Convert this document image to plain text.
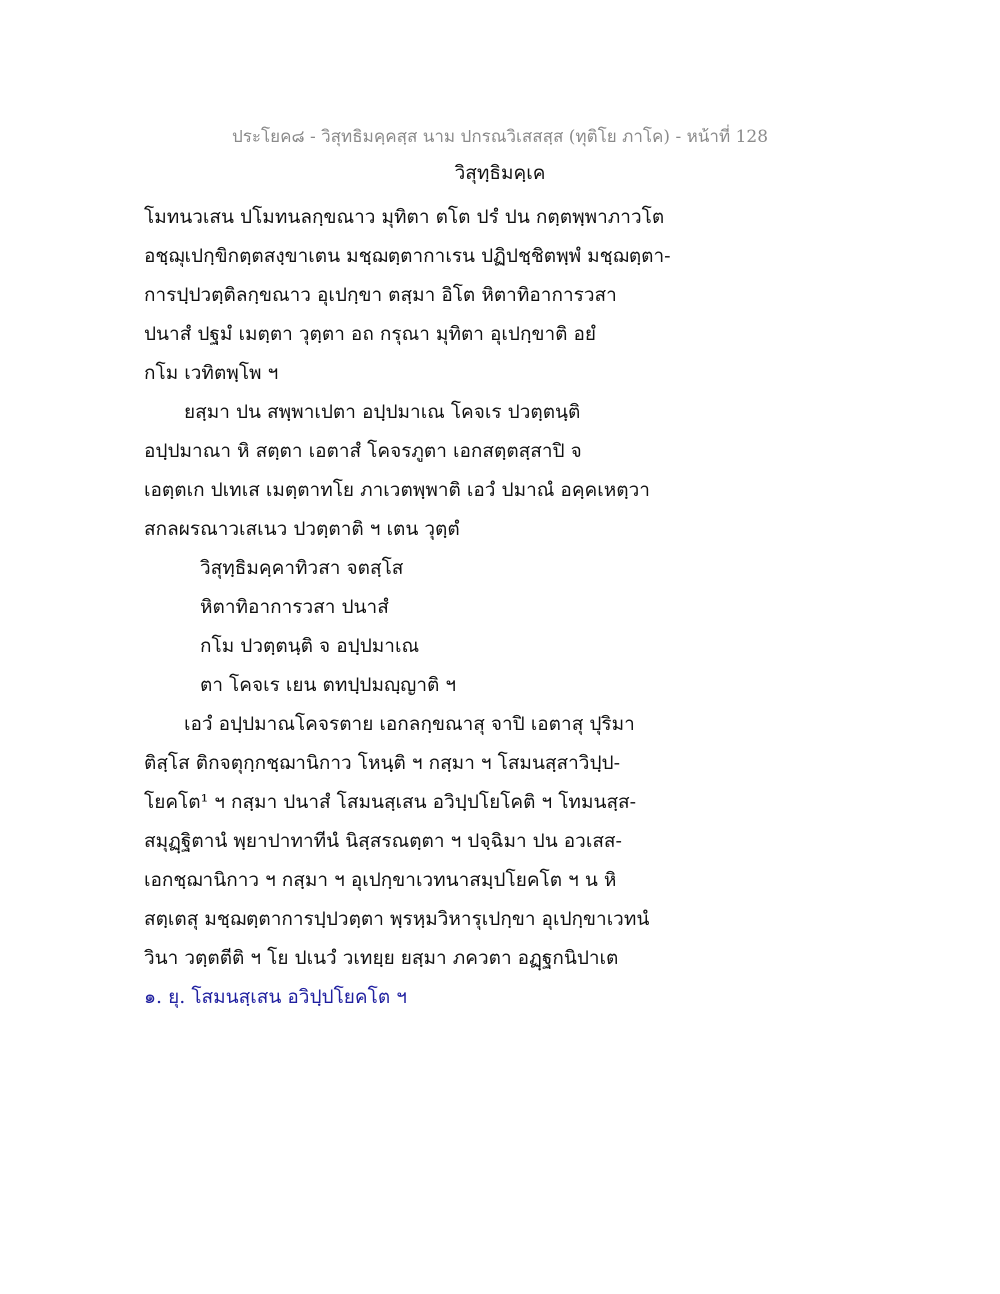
ประโยค๘ - วิสุทธิมคฺคสฺส นาม ปกรณวิเสสสฺส (ทุติโย ภาโค) - หน้าที่ 128
วิสุทฺธิมคฺเค
โมทนวเสน ปโมทนลกฺขณาว มุทิตา ตโต ปรํ ปน กตฺตพฺพาภาวโต
อชฺฌุเปกฺขิกตฺตสงฺขาเตน มชฺฌตฺตากาเรน ปฏิปชฺชิตพฺพํ มชฺฌตฺตา-
การปฺปวตฺติลกฺขณาว อุเปกฺขา ตสฺมา อิโต หิตาทิอาการวสา
ปนาสํ ปฐมํ เมตฺตา วุตฺตา อถ กรุณา มุทิตา อุเปกฺขาติ อยํ
กโม เวทิตพฺโพ ฯ
ยสฺมา ปน สพฺพาเปตา อปฺปมาเณ โคจเร ปวตฺตนฺติ
อปฺปมาณา หิ สตฺตา เอตาสํ โคจรภูตา เอกสตฺตสฺสาปิ จ
เอตฺตเก ปเทเส เมตฺตาทโย ภาเวตพฺพาติ เอวํ ปมาณํ อคฺคเหตฺวา
สกลผรณาวเสเนว ปวตฺตาติ ฯ เตน วุตฺตํ
วิสุทฺธิมคฺคาทิวสา จตสฺโส
หิตาทิอาการวสา ปนาสํ
กโม ปวตฺตนฺติ จ อปฺปมาเณ
ตา โคจเร เยน ตทปฺปมญฺญาติ ฯ
เอวํ อปฺปมาณโคจรตาย เอกลกฺขณาสุ จาปิ เอตาสุ ปุริมา
ติสฺโส ติกจตุกฺกชฺฌานิกาว โหนฺติ ฯ กสฺมา ฯ โสมนสฺสาวิปฺป-
โยคโต¹ ฯ กสฺมา ปนาสํ โสมนสฺเสน อวิปฺปโยโคติ ฯ โทมนสฺส-
สมุฏฺฐิตานํ พฺยาปาทาทีนํ นิสฺสรณตฺตา ฯ ปจฺฉิมา ปน อวเสส-
เอกชฺฌานิกาว ฯ กสฺมา ฯ อุเปกฺขาเวทนาสมฺปโยคโต ฯ น หิ
สตฺเตสุ มชฺฌตฺตาการปฺปวตฺตา พฺรหฺมวิหารุเปกฺขา อุเปกฺขาเวทนํ
วินา วตฺตตีติ ฯ โย ปเนวํ วเทยฺย ยสฺมา ภควตา อฏฺฐกนิปาเต
๑. ยุ. โสมนสฺเสน อวิปฺปโยคโต ฯ
